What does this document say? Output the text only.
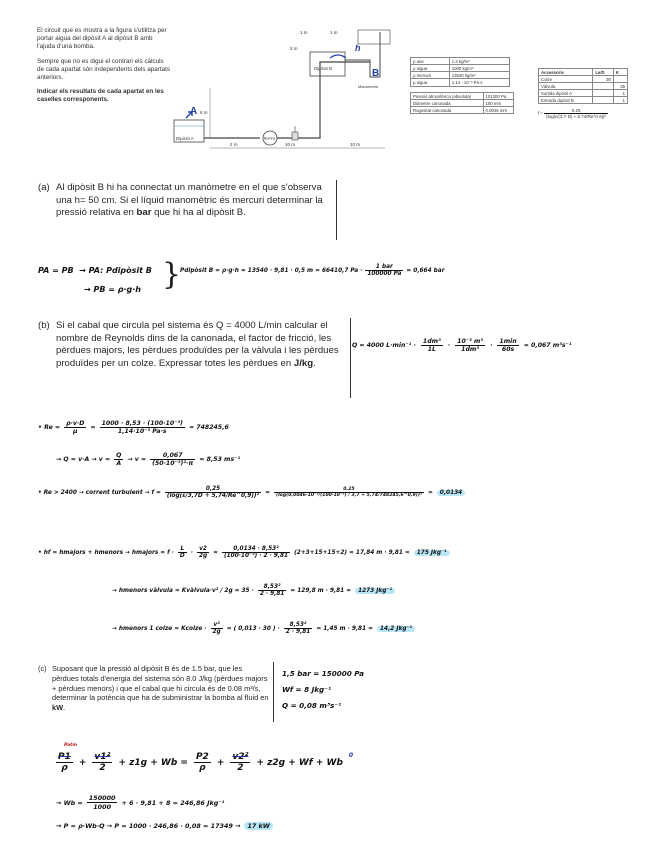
El circuit que es mostra a la figura s'utilitza per portar aigua del dipòsit A al dipòsit B amb l'ajuda d'una bomba.

Sempre que no es digui el contrari els càlculs de cada apartat són independents dels apartats anteriors.

Indicar els resultats de cada apartat en les caselles corresponents.

Dipòsit A	Bomba
Dipòsit B
Manòmetre
6 m
2 m	10 m	10 m
3 m
1 m	1 m
h
A
B
ρ aire	1.2 kg/m³
ρ aigua	1000 kg/m³
ρ mercuri	13540 kg/m³
μ aigua	1.14 · 10⁻³ Pa·s
Pressió atmosfèrica (absoluta)	101300 Pa
Diàmetre canonada	100 mm
Rugositat canonada	0.0046 mm
Accessoris	Le/D	K
Colze	30	
Vàlvula		35
Sortida dipòsit A		1
Entrada dipòsit B		1
$f = \frac{0.25}{\text{[log(ε/(3.7·D) + 5.74/Re\textasciicircum{}0.9)]²}}$
(a) Al dipòsit B hi ha connectat un manòmetre en el que s'observa una h= 50 cm. Si el líquid manomètric és mercuri determinar la pressió relativa en bar que hi ha al dipòsit B.
PA = PB → PA: Pdipòsit B
→ PB = ρ·g·h }
Pdipòsit B = ρ·g·h = 13540 · 9,81 · 0,5 m = 66410,7 $Pa \cdot \frac{\text{1 bar}}{100000 Pa} = 0,664$ bar
(b) Si el cabal que circula pel sistema és Q = 4000 L/min calcular el nombre de Reynolds dins de la canonada, el factor de fricció, les pèrdues majors, les pèrdues produïdes per la vàlvula i les pèrdues produïdes per un colze. Expressar totes les pèrdues en J/kg.
Q = 4000 $L\cdot\min^{-1} \cdot \frac{\text{1dm³}}{1L} \cdot \frac{\text{10⁻³ m³}}{\text{1dm³}} \cdot \frac{1\min}{60s} = 0,067$ m³s⁻¹
• $Re = \frac{\rho\cdot v\cdot D}{\mu} = \frac{\text{1000 · 8,53 · (100·10⁻³)}}{\text{1,14·10⁻³ Pa·s}} = 748245,6$
→ $Q = v\cdot A \to v = \frac{Q}{A} \to v = \frac{0,067}{\text{(50·10⁻³)²·π}} = 8,53$ ms⁻¹
• Re > 2400 → corrent turbulent → $f = \frac{0,25}{\text{(log(ε/3,7D + 5,74/Re\textasciicircum{}0,9))²}} = \frac{0,25}{\text{(log(0,0046·10⁻³/(100·10⁻³) / 3,7 + 5,74/748245,6\textasciicircum{}0,9))²}}$ =	0,0134
• hf = hmajors + hmenors → hmajors = $f \cdot \frac{L}{D} \cdot \frac{v2}{2g} = \frac{\text{0,0134 · 8,53²}}{\text{(100·10⁻³) · 2 · 9,81}} (2+3+15+15+2) = 17,84$ m · 9,81 =	175 Jkg⁻¹
→ hmenors vàlvula = Kvàlvula·v² / $2g = 35 \cdot \frac{\text{8,53²}}{2 \cdot 9,81} = 129,8$ m · 9,81 =	1273 Jkg⁻¹
→ hmenors 1 colze = Kcolze · $\frac{\text{v²}}{2g}$ = ( 0,013 · 30 ) · $\frac{\text{8,53²}}{2 \cdot 9,81} = 1,45$ m · 9,81 =	14,2 Jkg⁻¹
(c) Suposant que la pressió al dipòsit B és de 1.5 bar, que les pèrdues totals d'energia del sistema són 8.0 J/kg (pèrdues majors + pèrdues menors) i que el cabal que hi circula és de 0.08 m³/s, determinar la potència que ha de subministrar la bomba al fluid en kW.
1,5 bar = 150000 Pa
Wf = 8 Jkg⁻¹
Q = 0,08 m³s⁻¹
Patm
$\frac{P1}{\rho} + \frac{\text{v1²}}{2} + z1g + Wb = \frac{P2}{\rho} + \frac{\text{v2²}}{2} + z2g + Wf + Wb$
0
→ $Wb = \frac{150000}{1000} + 6 \cdot 9,81 + 8 = 246,86$ Jkg⁻¹
→ P = ρ·Wb·Q → P = 1000 · 246,86 · 0,08 = 17349 →	17 kW
